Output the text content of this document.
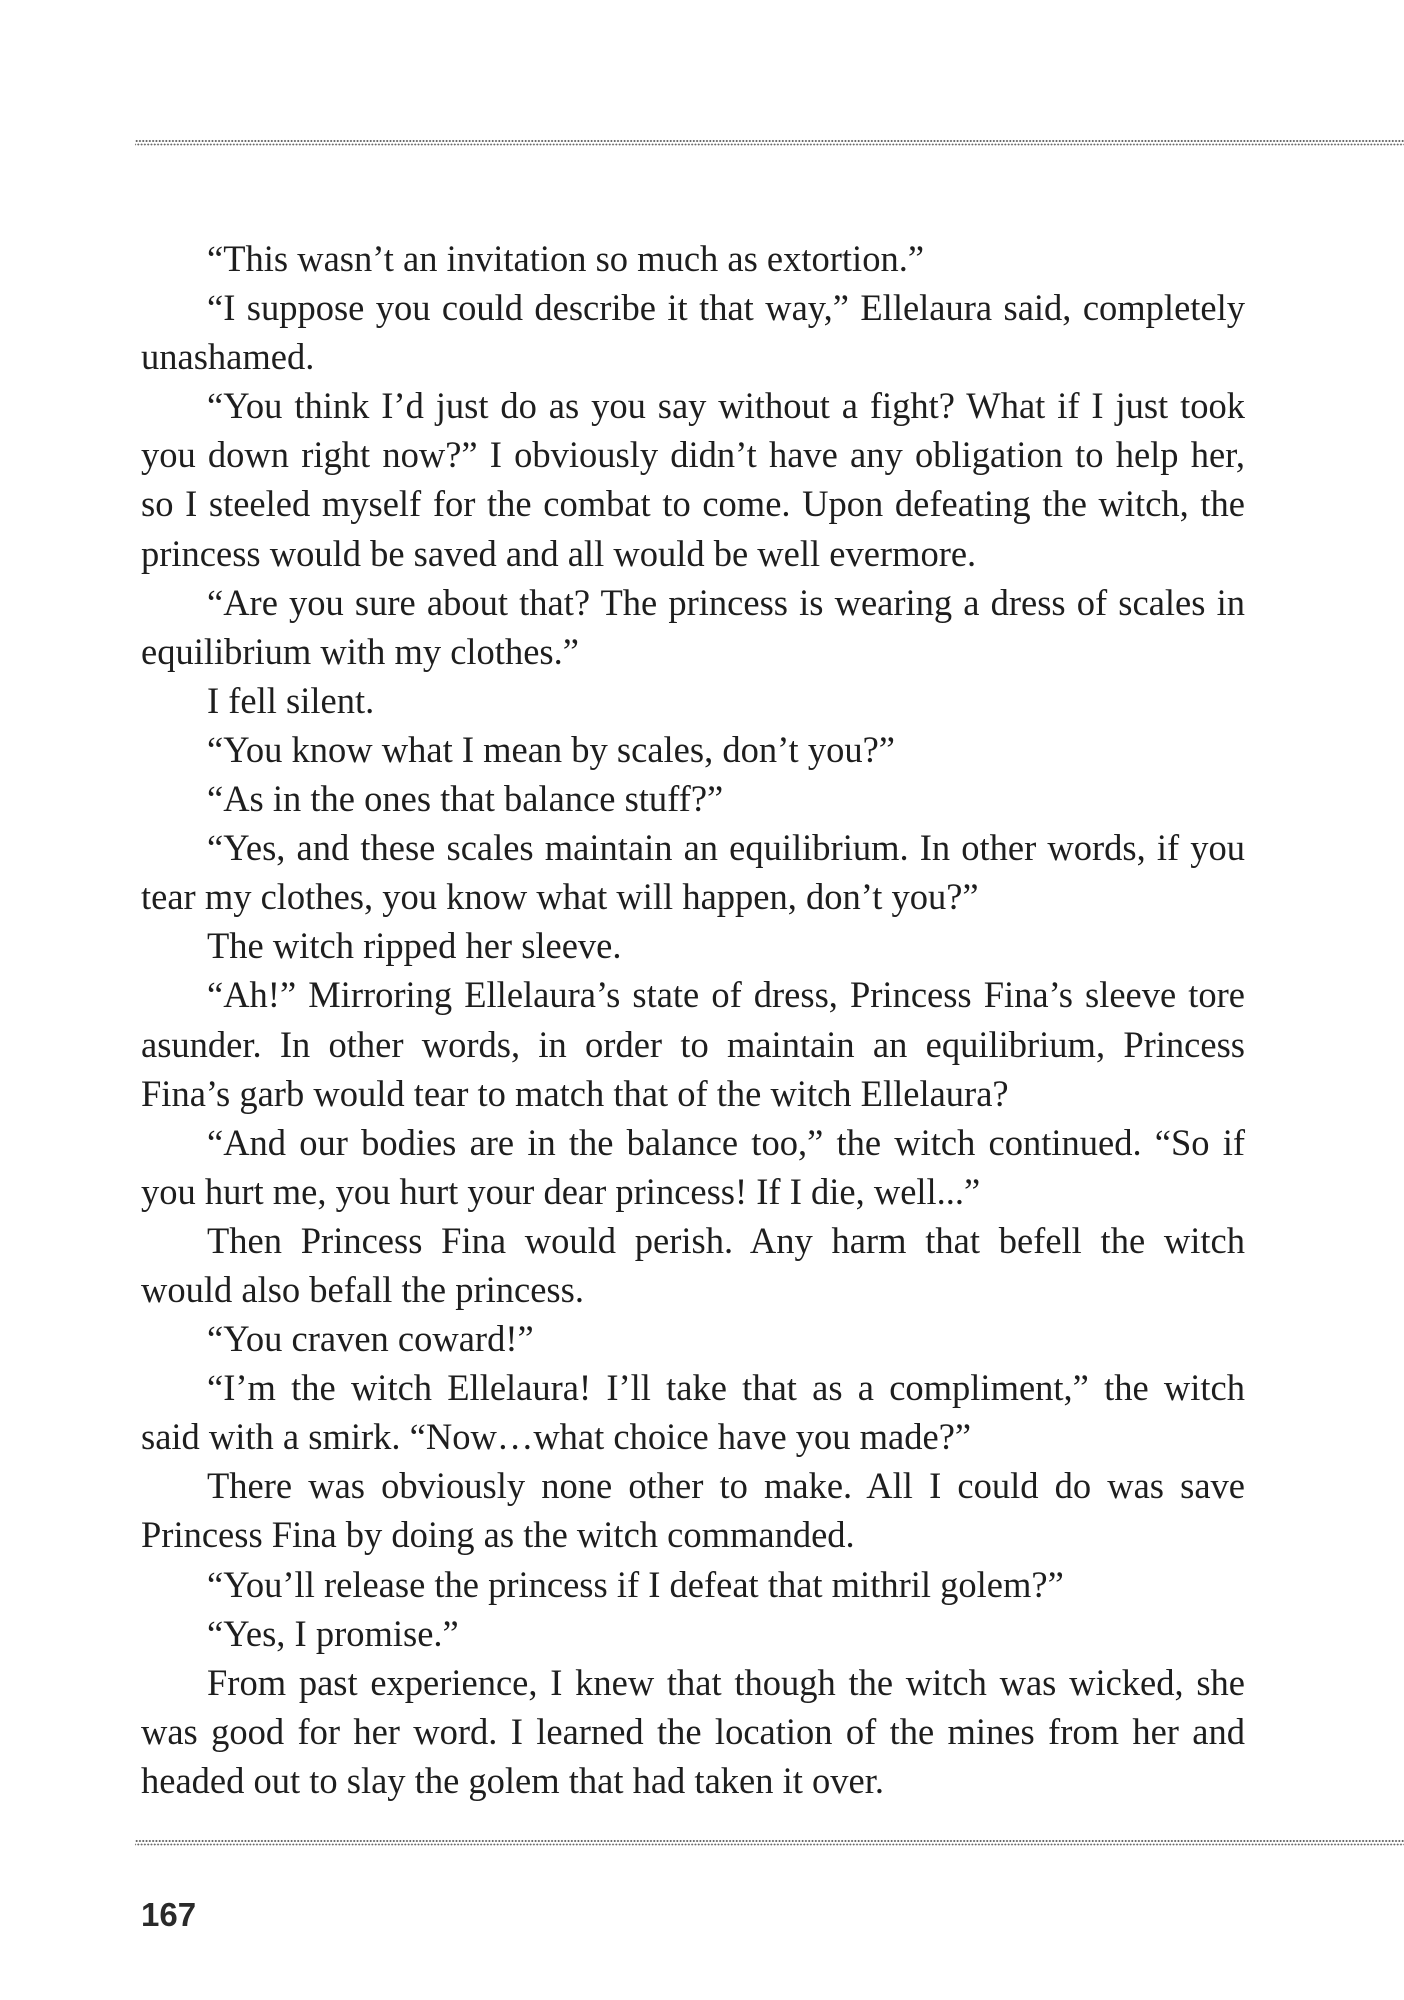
“This wasn’t an invitation so much as extortion.”

“I suppose you could describe it that way,” Ellelaura said, completely unashamed.

“You think I’d just do as you say without a fight? What if I just took you down right now?” I obviously didn’t have any obligation to help her, so I steeled myself for the combat to come. Upon defeating the witch, the princess would be saved and all would be well evermore.

“Are you sure about that? The princess is wearing a dress of scales in equilibrium with my clothes.”

I fell silent.

“You know what I mean by scales, don’t you?”

“As in the ones that balance stuff?”

“Yes, and these scales maintain an equilibrium. In other words, if you tear my clothes, you know what will happen, don’t you?”

The witch ripped her sleeve.

“Ah!” Mirroring Ellelaura’s state of dress, Princess Fina’s sleeve tore asunder. In other words, in order to maintain an equilibrium, Princess Fina’s garb would tear to match that of the witch Ellelaura?

“And our bodies are in the balance too,” the witch continued. “So if you hurt me, you hurt your dear princess! If I die, well...”

Then Princess Fina would perish. Any harm that befell the witch would also befall the princess.

“You craven coward!”

“I’m the witch Ellelaura! I’ll take that as a compliment,” the witch said with a smirk. “Now…what choice have you made?”

There was obviously none other to make. All I could do was save Princess Fina by doing as the witch commanded.

“You’ll release the princess if I defeat that mithril golem?”

“Yes, I promise.”

From past experience, I knew that though the witch was wicked, she was good for her word. I learned the location of the mines from her and headed out to slay the golem that had taken it over.

167
